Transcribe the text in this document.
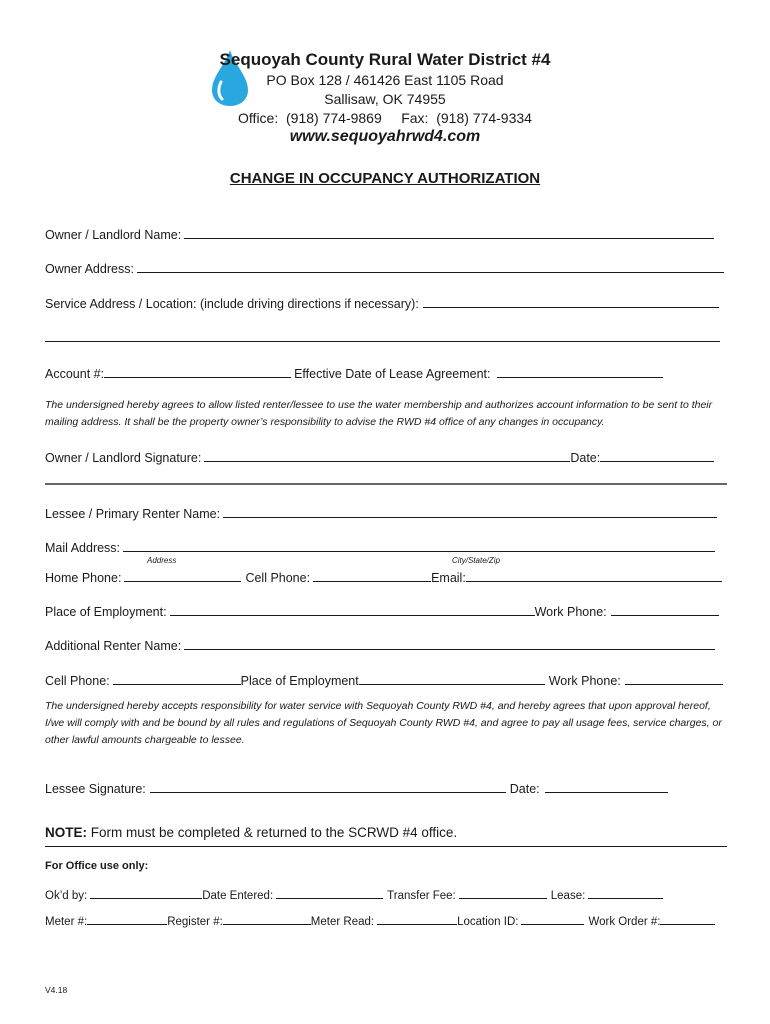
Sequoyah County Rural Water District #4
PO Box 128 / 461426 East 1105 Road
Sallisaw, OK 74955
Office:  (918) 774-9869     Fax:  (918) 774-9334
www.sequoyahrwd4.com
CHANGE IN OCCUPANCY AUTHORIZATION
Owner / Landlord Name:
Owner Address:
Service Address / Location: (include driving directions if necessary):
Account #:	Effective Date of Lease Agreement:
The undersigned hereby agrees to allow listed renter/lessee to use the water membership and authorizes account information to be sent to their mailing address. It shall be the property owner’s responsibility to advise the RWD #4 office of any changes in occupancy.
Owner / Landlord Signature:	Date:
Lessee / Primary Renter Name:
Mail Address:
Address	City/State/Zip
Home Phone:	Cell Phone:	Email:
Place of Employment:	Work Phone:
Additional Renter Name:
Cell Phone:	Place of Employment	Work Phone:
The undersigned hereby accepts responsibility for water service with Sequoyah County RWD #4, and hereby agrees that upon approval hereof, I/we will comply with and be bound by all rules and regulations of Sequoyah County RWD #4, and agree to pay all usage fees, service charges, or other lawful amounts chargeable to lessee.
Lessee Signature:	Date:
NOTE: Form must be completed & returned to the SCRWD #4 office.
For Office use only:
Ok’d by:	Date Entered:	Transfer Fee:	Lease:
Meter #:	Register #:	Meter Read:	Location ID:	Work Order #:
V4.18
